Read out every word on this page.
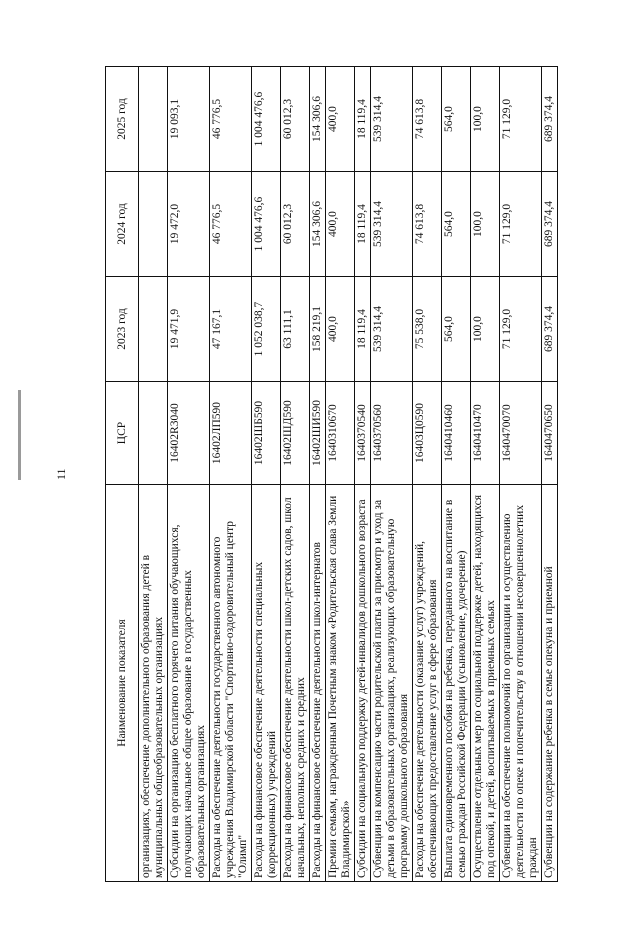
11
Наименование показателя	ЦСР	2023 год	2024 год	2025 год
организациях, обеспечение дополнительного образования детей в муниципальных общеобразовательных организациях				
Субсидии на организацию бесплатного горячего питания обучающихся, получающих начальное общее образование в государственных образовательных организациях	16402R3040	19 471,9	19 472,0	19 093,1
Расходы на обеспечение деятельности государственного автономного учреждения Владимирской области "Спортивно-оздоровительный центр "Олимп"	16402ЛП590	47 167,1	46 776,5	46 776,5
Расходы на финансовое обеспечение деятельности специальных (коррекционных) учреждений	16402ШБ590	1 052 038,7	1 004 476,6	1 004 476,6
Расходы на финансовое обеспечение деятельности школ-детских садов, школ начальных, неполных средних и средних	16402ШД590	63 111,1	60 012,3	60 012,3
Расходы на финансовое обеспечение деятельности школ-интернатов	16402ШИ590	158 219,1	154 306,6	154 306,6
Премии семьям, награжденным Почетным знаком «Родительская слава Земли Владимирской»	1640310670	400,0	400,0	400,0
Субсидии на социальную поддержку детей-инвалидов дошкольного возраста	1640370540	18 119,4	18 119,4	18 119,4
Субвенции на компенсацию части родительской платы за присмотр и уход за детьми в образовательных организациях, реализующих образовательную программу дошкольного образования	1640370560	539 314,4	539 314,4	539 314,4
Расходы на обеспечение деятельности (оказание услуг) учреждений, обеспечивающих предоставление услуг в сфере образования	16403Ц0590	75 538,0	74 613,8	74 613,8
Выплата единовременного пособия на ребенка, переданного на воспитание в семью граждан Российской Федерации (усыновление, удочерение)	1640410460	564,0	564,0	564,0
Осуществление отдельных мер по социальной поддержке детей, находящихся под опекой, и детей, воспитываемых в приемных семьях	1640410470	100,0	100,0	100,0
Субвенции на обеспечение полномочий по организации и осуществлению деятельности по опеке и попечительству в отношении несовершеннолетних граждан	1640470070	71 129,0	71 129,0	71 129,0
Субвенции на содержание ребенка в семье опекуна и приемной	1640470650	689 374,4	689 374,4	689 374,4
